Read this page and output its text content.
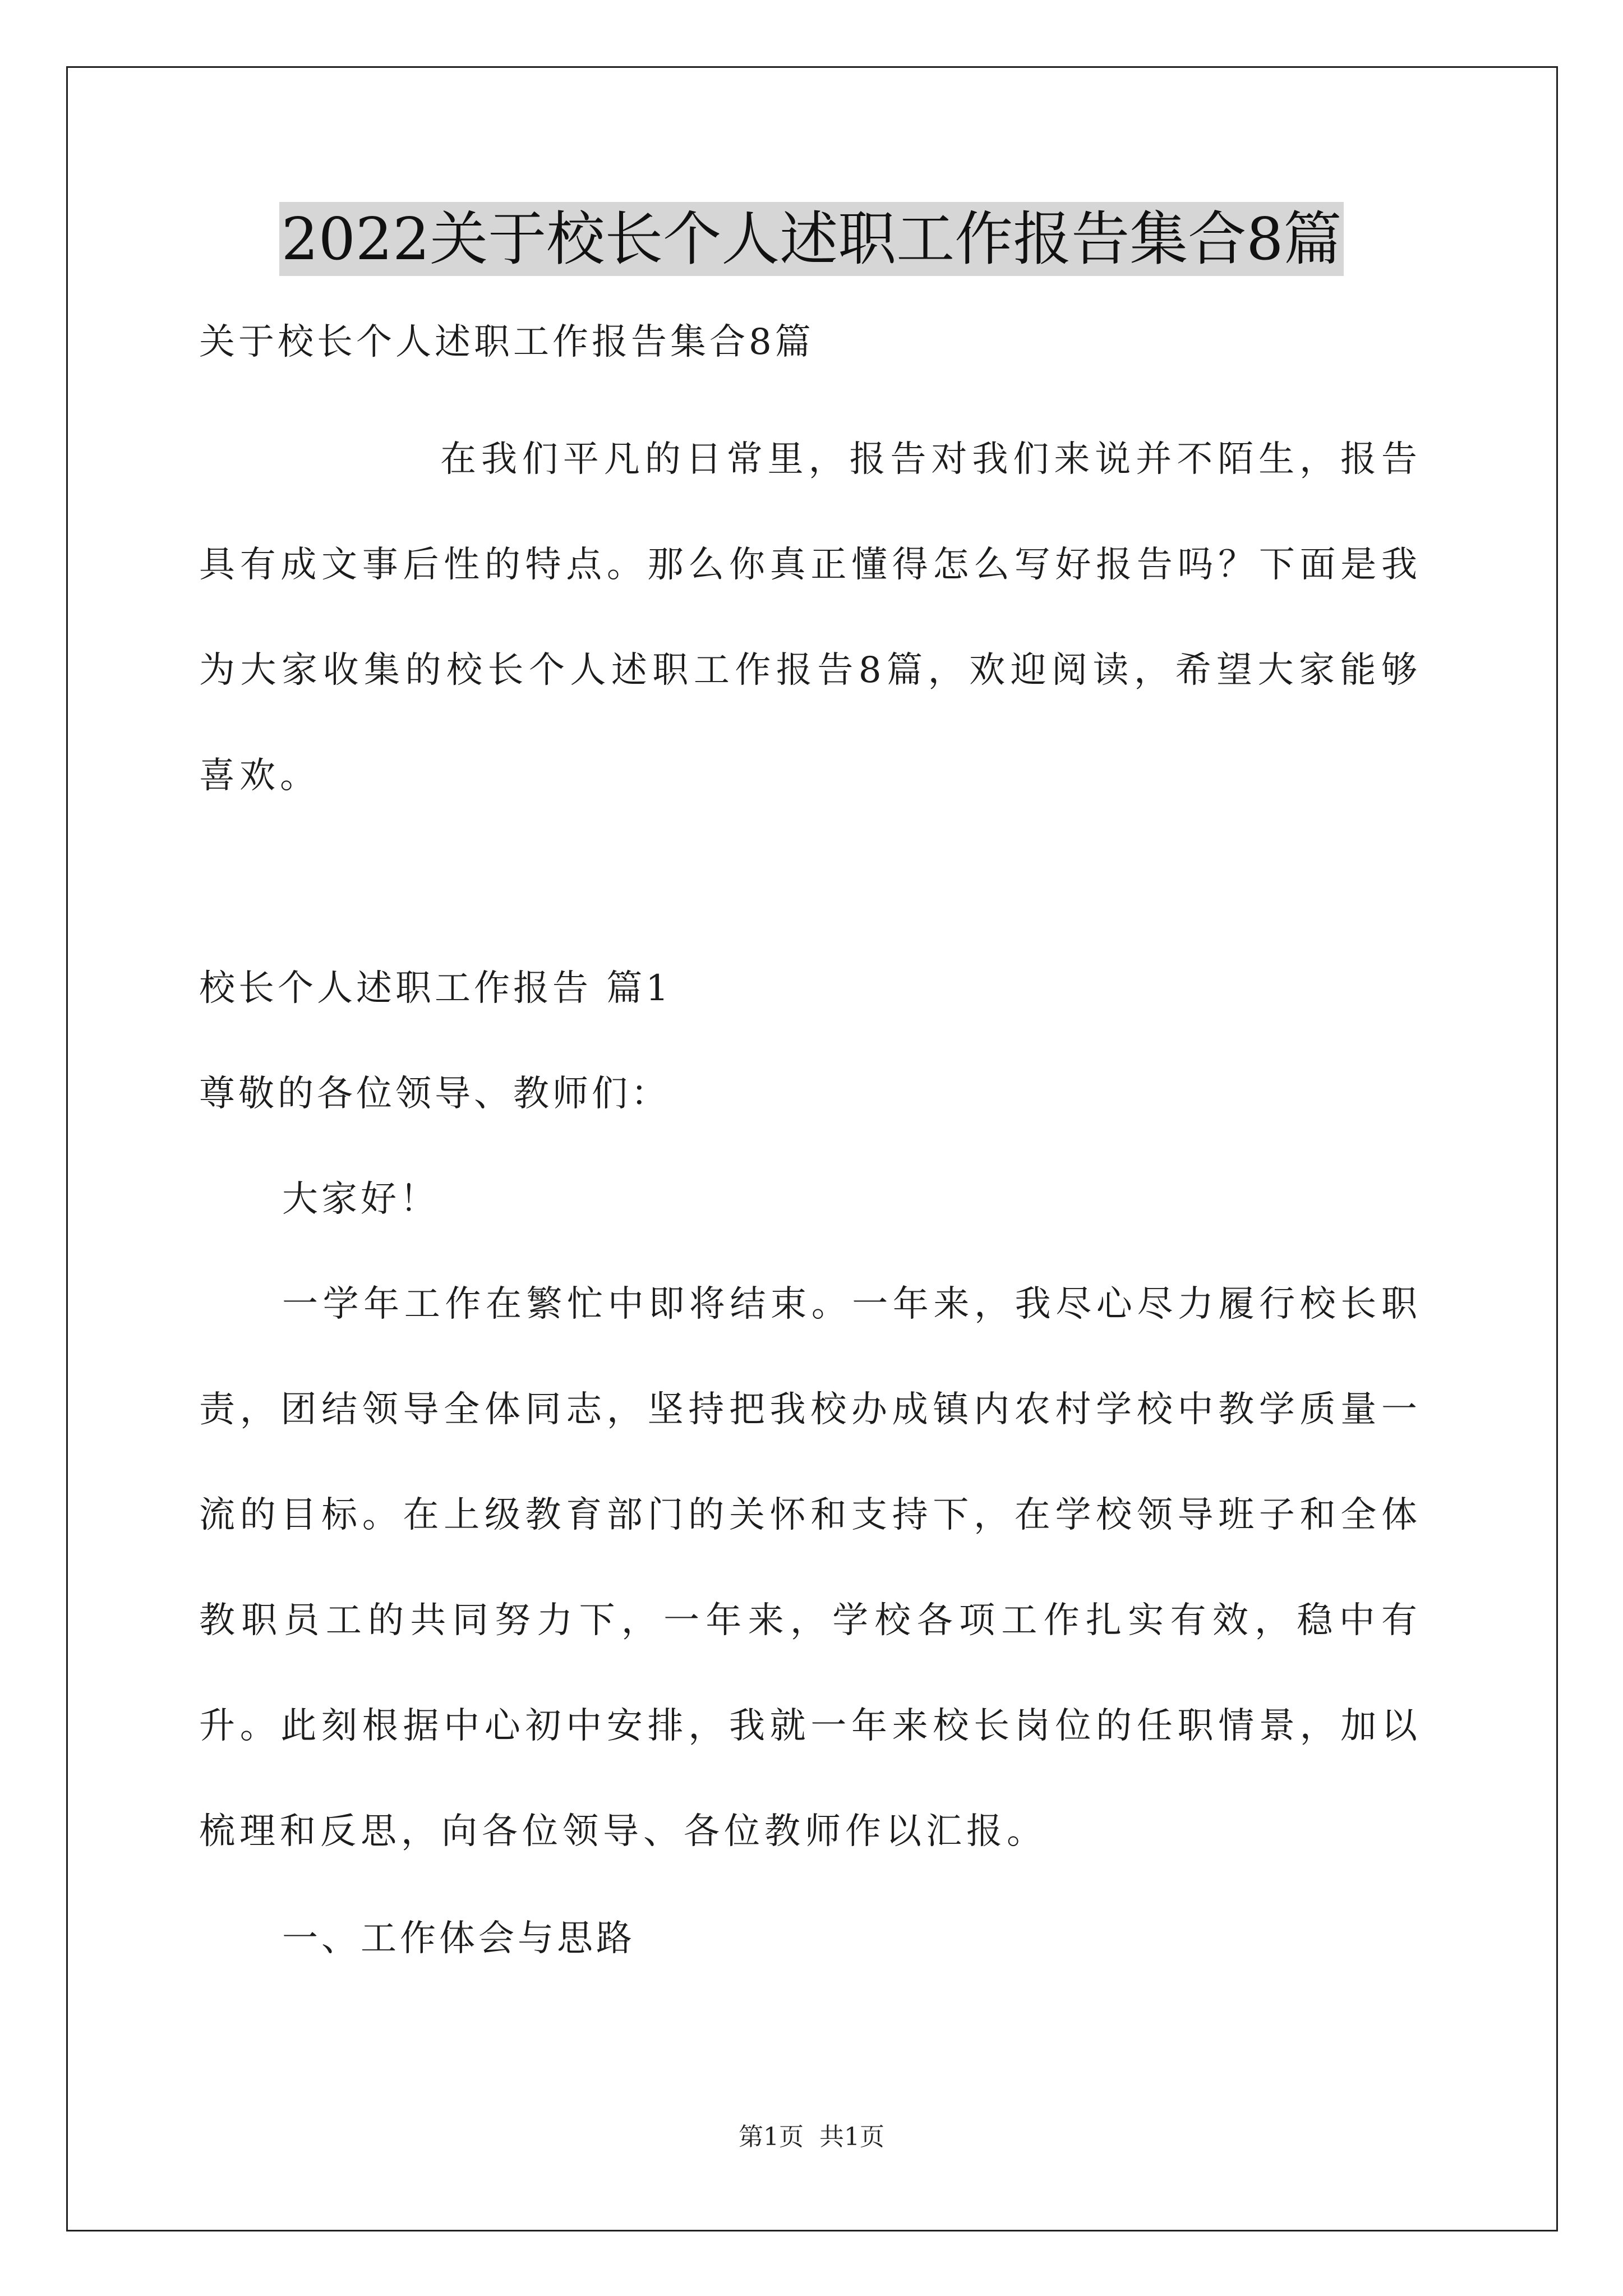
2022关于校长个人述职工作报告集合8篇
关于校长个人述职工作报告集合8篇
在我们平凡的日常里，报告对我们来说并不陌生，报告具有成文事后性的特点。那么你真正懂得怎么写好报告吗？下面是我为大家收集的校长个人述职工作报告8篇，欢迎阅读，希望大家能够喜欢。
校长个人述职工作报告 篇1
尊敬的各位领导、教师们：
大家好！
一学年工作在繁忙中即将结束。一年来，我尽心尽力履行校长职责，团结领导全体同志，坚持把我校办成镇内农村学校中教学质量一流的目标。在上级教育部门的关怀和支持下，在学校领导班子和全体教职员工的共同努力下，一年来，学校各项工作扎实有效，稳中有升。此刻根据中心初中安排，我就一年来校长岗位的任职情景，加以梳理和反思，向各位领导、各位教师作以汇报。
一、工作体会与思路
第1页 共1页
